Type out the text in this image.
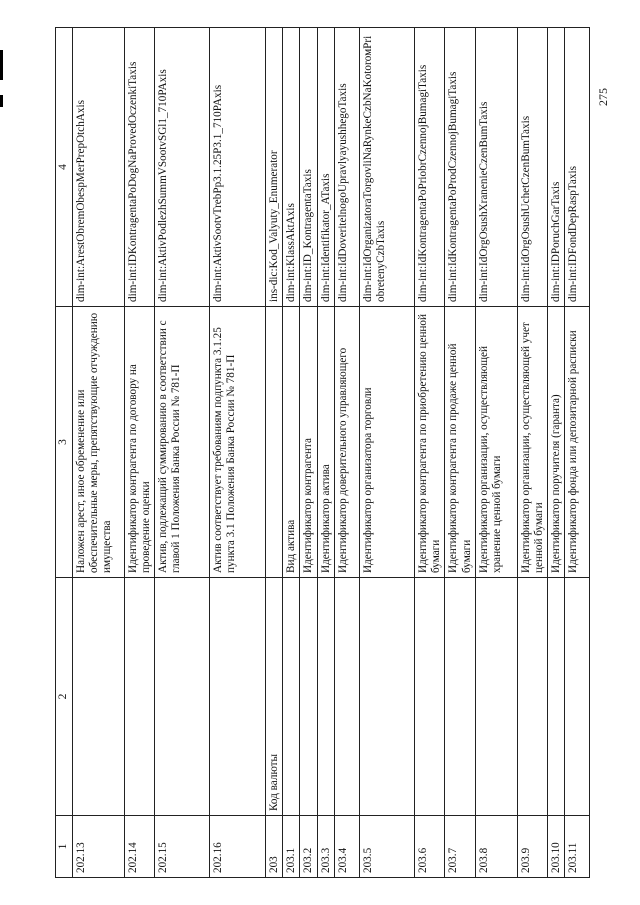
275
1	2	3	4
202.13		Наложен арест, иное обременение или обеспечительные меры, препятствующие отчуждению имущества	dim-int:ArestObremObespMerPrepOtchAxis
202.14		Идентификатор контрагента по договору на проведение оценки	dim-int:IDKontragentaPoDogNaProvedOczenkiTaxis
202.15		Актив, подлежащий суммированию в соответствии с главой 1 Положения Банка России № 781-П	dim-int:AktivPodlezhSummVSootvSGl1_710PAxis
202.16		Актив соответствует требованиям подпункта 3.1.25 пункта 3.1 Положения Банка России № 781-П	dim-int:AktivSootvTrebPp3.1.25P3.1_710PAxis
203	Код валюты		ins-dic:Kod_Valyuty_Enumerator
203.1		Вид актива	dim-int:KlassAktAxis
203.2		Идентификатор контрагента	dim-int:ID_KontragentaTaxis
203.3		Идентификатор актива	dim-int:Identifikator_ATaxis
203.4		Идентификатор доверительного управляющего	dim-int:IdDoveritelnogoUpravlyayushhegoTaxis
203.5		Идентификатор организатора торговли	dim-int:IdOrganizatoraTorgovliNaRynkeCzbNaKotorомPriobretenyCzbTaxis
203.6		Идентификатор контрагента по приобретению ценной бумаги	dim-int:IdKontragentaPoPriobrCzennojBumagiTaxis
203.7		Идентификатор контрагента по продаже ценной бумаги	dim-int:IdKontragentaPoProdCzennojBumagiTaxis
203.8		Идентификатор организации, осуществляющей хранение ценной бумаги	dim-int:IdOrgOsushXranenieCzenBumTaxis
203.9		Идентификатор организации, осуществляющей учет ценной бумаги	dim-int:IdOrgOsushUchetCzenBumTaxis
203.10		Идентификатор поручителя (гаранта)	dim-int:IDPoruchGarTaxis
203.11		Идентификатор фонда или депозитарной расписки	dim-int:IDFondDepRaspTaxis
